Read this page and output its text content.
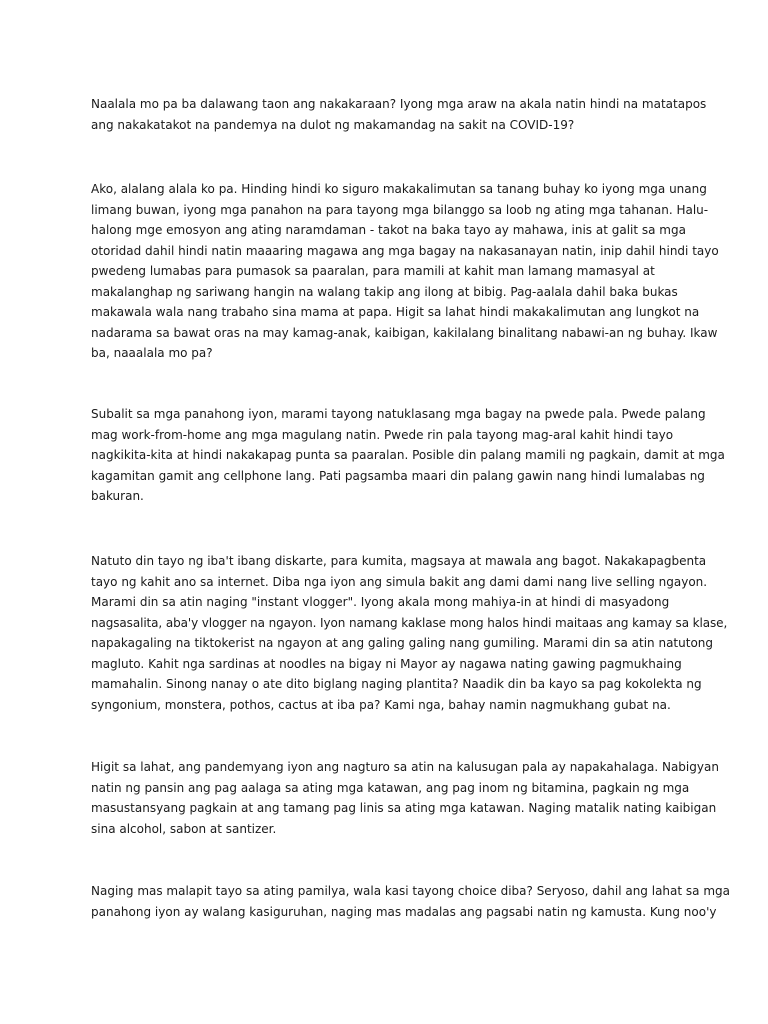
Naalala mo pa ba dalawang taon ang nakakaraan? Iyong mga araw na akala natin hindi na matatapos
ang nakakatakot na pandemya na dulot ng makamandag na sakit na COVID-19?

Ako, alalang alala ko pa. Hinding hindi ko siguro makakalimutan sa tanang buhay ko iyong mga unang
limang buwan, iyong mga panahon na para tayong mga bilanggo sa loob ng ating mga tahanan. Halu-
halong mge emosyon ang ating naramdaman - takot na baka tayo ay mahawa, inis at galit sa mga
otoridad dahil hindi natin maaaring magawa ang mga bagay na nakasanayan natin, inip dahil hindi tayo
pwedeng lumabas para pumasok sa paaralan, para mamili at kahit man lamang mamasyal at
makalanghap ng sariwang hangin na walang takip ang ilong at bibig. Pag-aalala dahil baka bukas
makawala wala nang trabaho sina mama at papa. Higit sa lahat hindi makakalimutan ang lungkot na
nadarama sa bawat oras na may kamag-anak, kaibigan, kakilalang binalitang nabawi-an ng buhay. Ikaw
ba, naaalala mo pa?

Subalit sa mga panahong iyon, marami tayong natuklasang mga bagay na pwede pala. Pwede palang
mag work-from-home ang mga magulang natin. Pwede rin pala tayong mag-aral kahit hindi tayo
nagkikita-kita at hindi nakakapag punta sa paaralan. Posible din palang mamili ng pagkain, damit at mga
kagamitan gamit ang cellphone lang. Pati pagsamba maari din palang gawin nang hindi lumalabas ng
bakuran.

Natuto din tayo ng iba't ibang diskarte, para kumita, magsaya at mawala ang bagot. Nakakapagbenta
tayo ng kahit ano sa internet. Diba nga iyon ang simula bakit ang dami dami nang live selling ngayon.
Marami din sa atin naging "instant vlogger". Iyong akala mong mahiya-in at hindi di masyadong
nagsasalita, aba'y vlogger na ngayon. Iyon namang kaklase mong halos hindi maitaas ang kamay sa klase,
napakagaling na tiktokerist na ngayon at ang galing galing nang gumiling. Marami din sa atin natutong
magluto. Kahit nga sardinas at noodles na bigay ni Mayor ay nagawa nating gawing pagmukhaing
mamahalin. Sinong nanay o ate dito biglang naging plantita? Naadik din ba kayo sa pag kokolekta ng
syngonium, monstera, pothos, cactus at iba pa? Kami nga, bahay namin nagmukhang gubat na.

Higit sa lahat, ang pandemyang iyon ang nagturo sa atin na kalusugan pala ay napakahalaga. Nabigyan
natin ng pansin ang pag aalaga sa ating mga katawan, ang pag inom ng bitamina, pagkain ng mga
masustansyang pagkain at ang tamang pag linis sa ating mga katawan. Naging matalik nating kaibigan
sina alcohol, sabon at santizer.

Naging mas malapit tayo sa ating pamilya, wala kasi tayong choice diba? Seryoso, dahil ang lahat sa mga
panahong iyon ay walang kasiguruhan, naging mas madalas ang pagsabi natin ng kamusta. Kung noo'y
